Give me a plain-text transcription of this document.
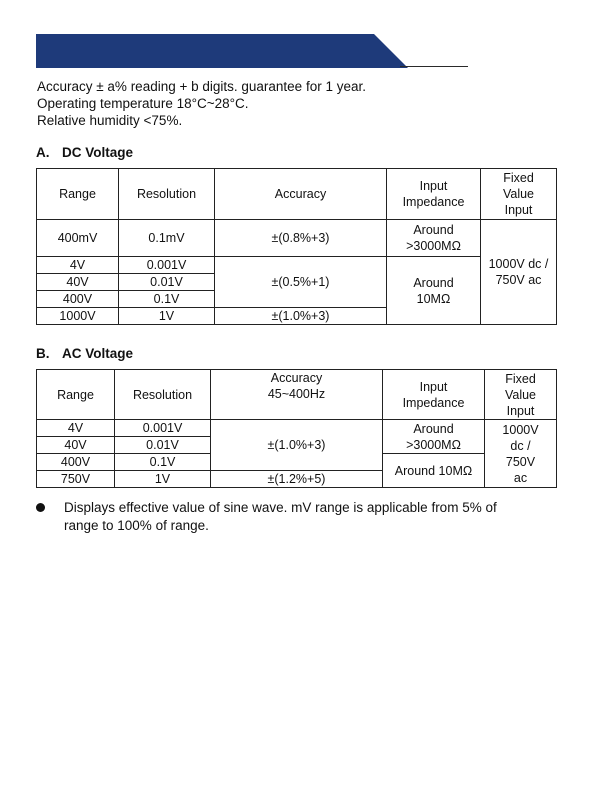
Accuracy ± a% reading + b digits. guarantee for 1 year.
Operating temperature 18°C~28°C.
Relative humidity <75%.
A. DC Voltage
Range	Resolution	Accuracy	Input Impedance	Fixed Value Input
400mV	0.1mV	±(0.8%+3)	Around >3000MΩ	1000V dc / 750V ac
4V	0.001V	±(0.5%+1)	Around 10MΩ	
40V	0.01V			
400V	0.1V			
1000V	1V	±(1.0%+3)		
B. AC Voltage
Range	Resolution	Accuracy 45~400Hz	Input Impedance	Fixed Value Input
4V	0.001V	±(1.0%+3)	Around >3000MΩ	1000V dc / 750V ac
40V	0.01V			
400V	0.1V		Around 10MΩ	
750V	1V	±(1.2%+5)		
Displays effective value of sine wave. mV range is applicable from 5% of
range to 100% of range.
